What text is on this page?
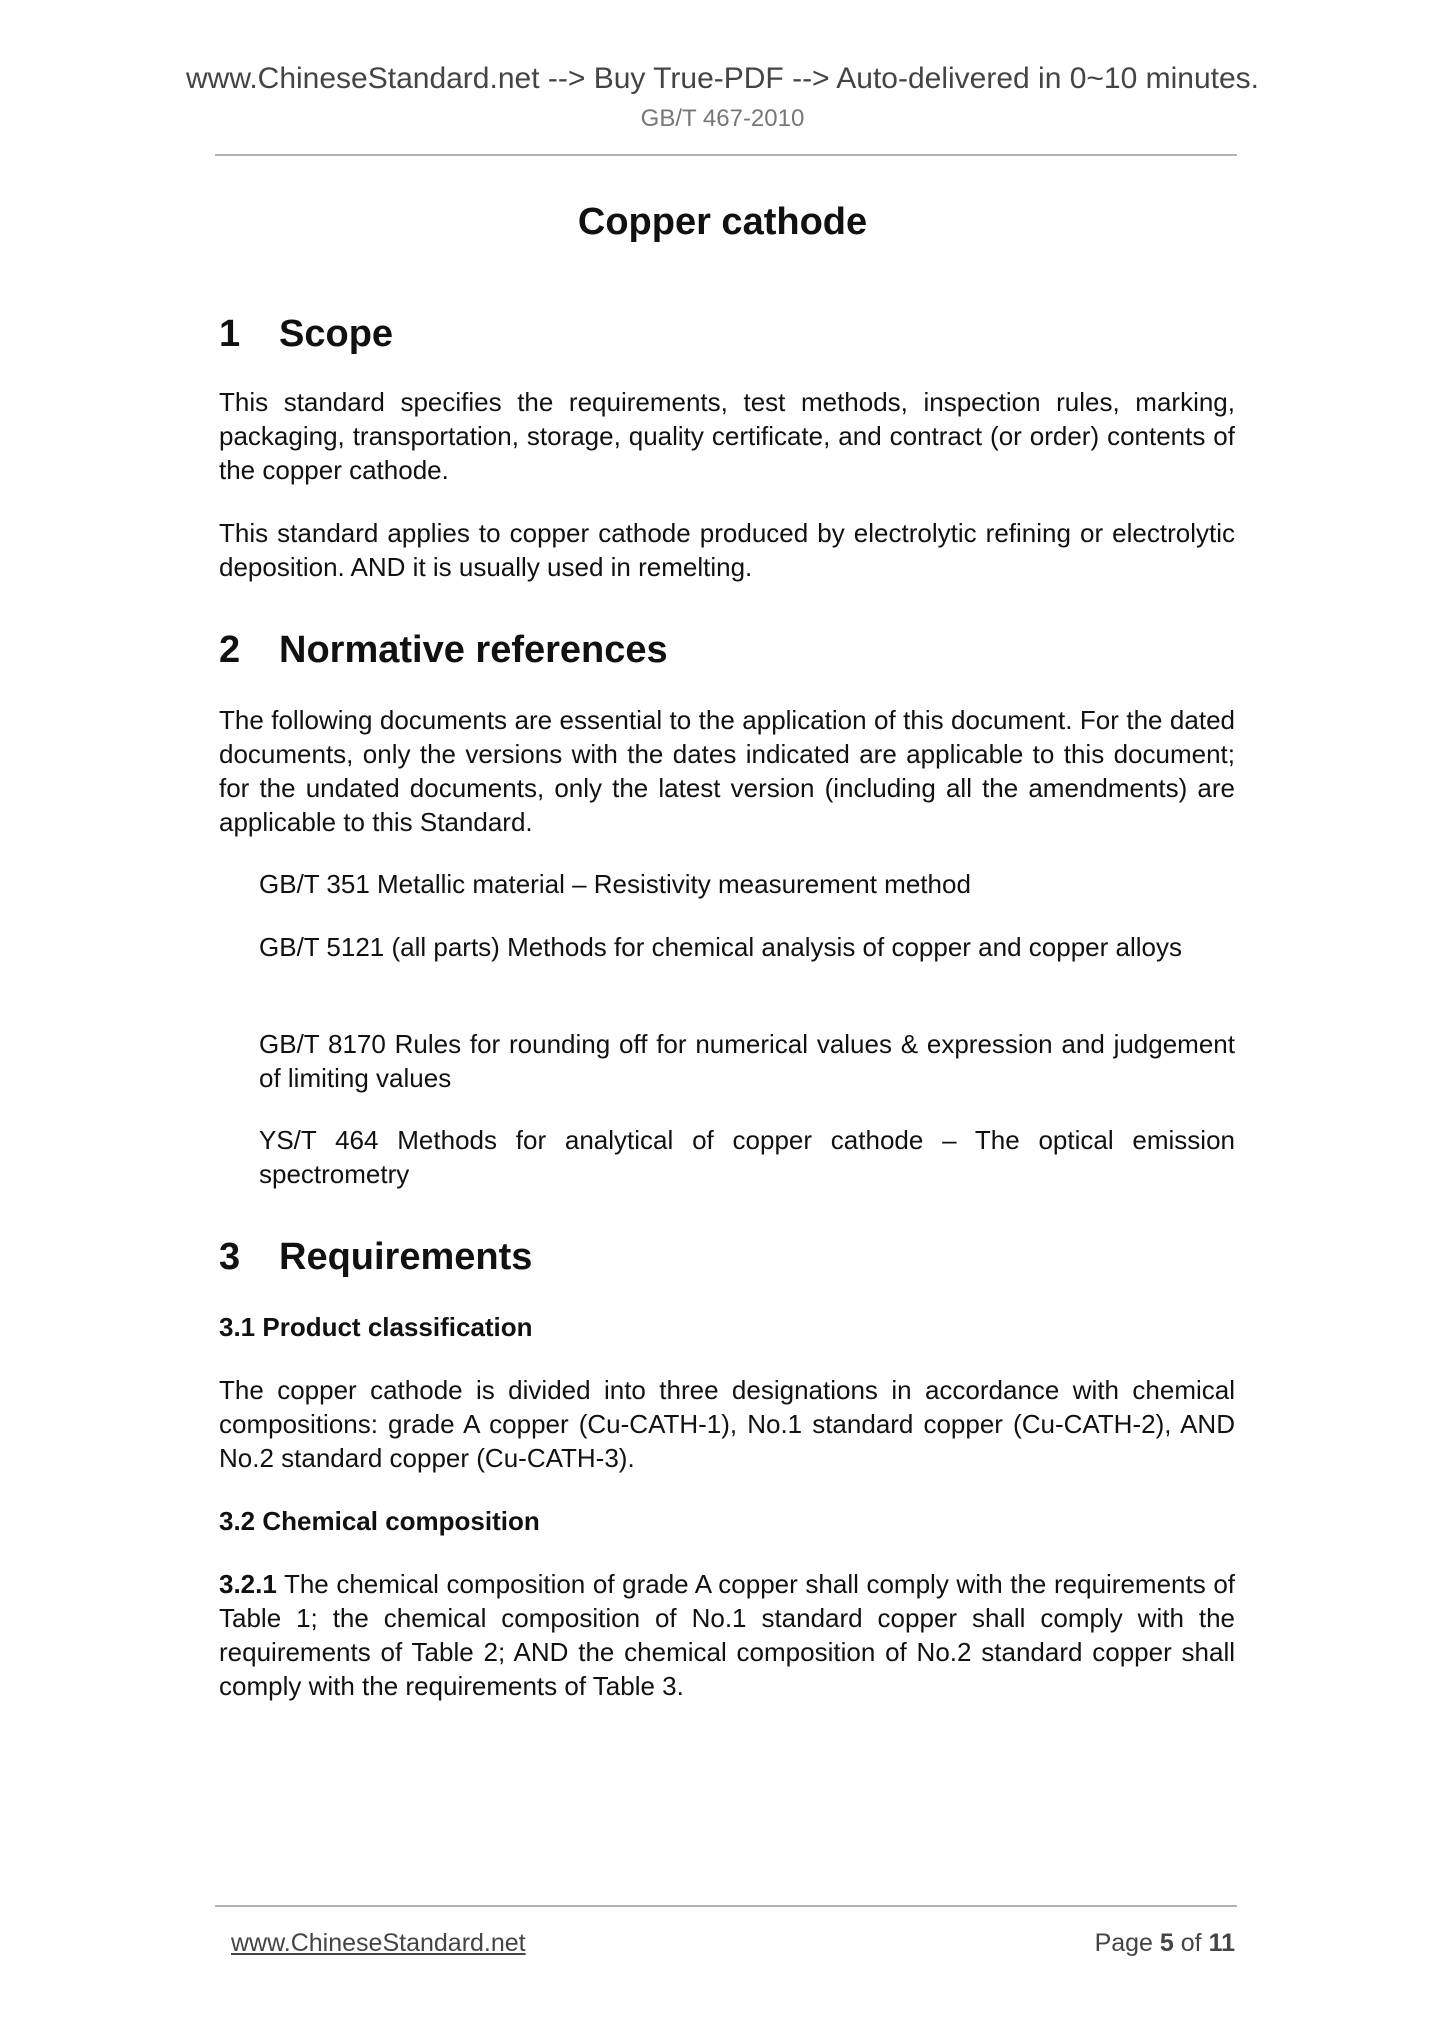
www.ChineseStandard.net --> Buy True-PDF --> Auto-delivered in 0~10 minutes.
GB/T 467-2010
Copper cathode
1 Scope
This standard specifies the requirements, test methods, inspection rules, marking, packaging, transportation, storage, quality certificate, and contract (or order) contents of the copper cathode.
This standard applies to copper cathode produced by electrolytic refining or electrolytic deposition. AND it is usually used in remelting.
2 Normative references
The following documents are essential to the application of this document. For the dated documents, only the versions with the dates indicated are applicable to this document; for the undated documents, only the latest version (including all the amendments) are applicable to this Standard.
GB/T 351 Metallic material – Resistivity measurement method
GB/T 5121 (all parts) Methods for chemical analysis of copper and copper alloys
GB/T 8170 Rules for rounding off for numerical values & expression and judgement of limiting values
YS/T 464 Methods for analytical of copper cathode – The optical emission spectrometry
3 Requirements
3.1 Product classification
The copper cathode is divided into three designations in accordance with chemical compositions: grade A copper (Cu-CATH-1), No.1 standard copper (Cu-CATH-2), AND No.2 standard copper (Cu-CATH-3).
3.2 Chemical composition
3.2.1 The chemical composition of grade A copper shall comply with the requirements of Table 1; the chemical composition of No.1 standard copper shall comply with the requirements of Table 2; AND the chemical composition of No.2 standard copper shall comply with the requirements of Table 3.
www.ChineseStandard.net	Page 5 of 11
